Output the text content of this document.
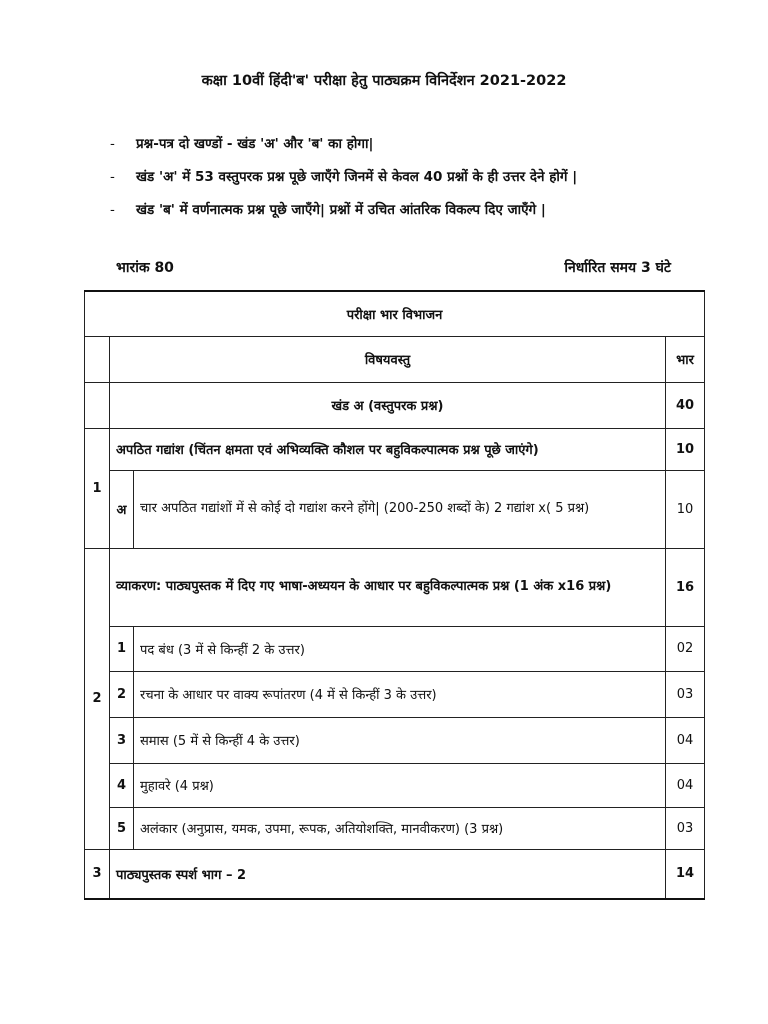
कक्षा 10वीं हिंदी'ब' परीक्षा हेतु पाठ्यक्रम विनिर्देशन 2021-2022
- प्रश्न-पत्र दो खण्डों - खंड 'अ' और 'ब' का होगा|
- खंड 'अ' में 53 वस्तुपरक प्रश्न पूछे जाएँगे जिनमें से केवल 40 प्रश्नों के ही उत्तर देने होगें |
- खंड 'ब' में वर्णनात्मक प्रश्न पूछे जाएँगे| प्रश्नों में उचित आंतरिक विकल्प दिए जाएँगे |
भारांक 80	निर्धारित समय 3 घंटे
परीक्षा भार विभाजन			
	विषयवस्तु		भार
	खंड अ (वस्तुपरक प्रश्न)		40
1	अपठित गद्यांश (चिंतन क्षमता एवं अभिव्यक्ति कौशल पर बहुविकल्पात्मक प्रश्न पूछे जाएंगे)		10
	अ	चार अपठित गद्यांशों में से कोई दो गद्यांश करने होंगे| (200-250 शब्दों के) 2 गद्यांश x( 5 प्रश्न)	10
2	व्याकरण: पाठ्यपुस्तक में दिए गए भाषा-अध्ययन के आधार पर बहुविकल्पात्मक प्रश्न (1 अंक x16 प्रश्न)		16
	1	पद बंध (3 में से किन्हीं 2 के उत्तर)	02
	2	रचना के आधार पर वाक्य रूपांतरण (4 में से किन्हीं 3 के उत्तर)	03
	3	समास (5 में से किन्हीं 4 के उत्तर)	04
	4	मुहावरे (4 प्रश्न)	04
	5	अलंकार (अनुप्रास, यमक, उपमा, रूपक, अतियोशक्ति, मानवीकरण) (3 प्रश्न)	03
3	पाठ्यपुस्तक स्पर्श भाग – 2		14
